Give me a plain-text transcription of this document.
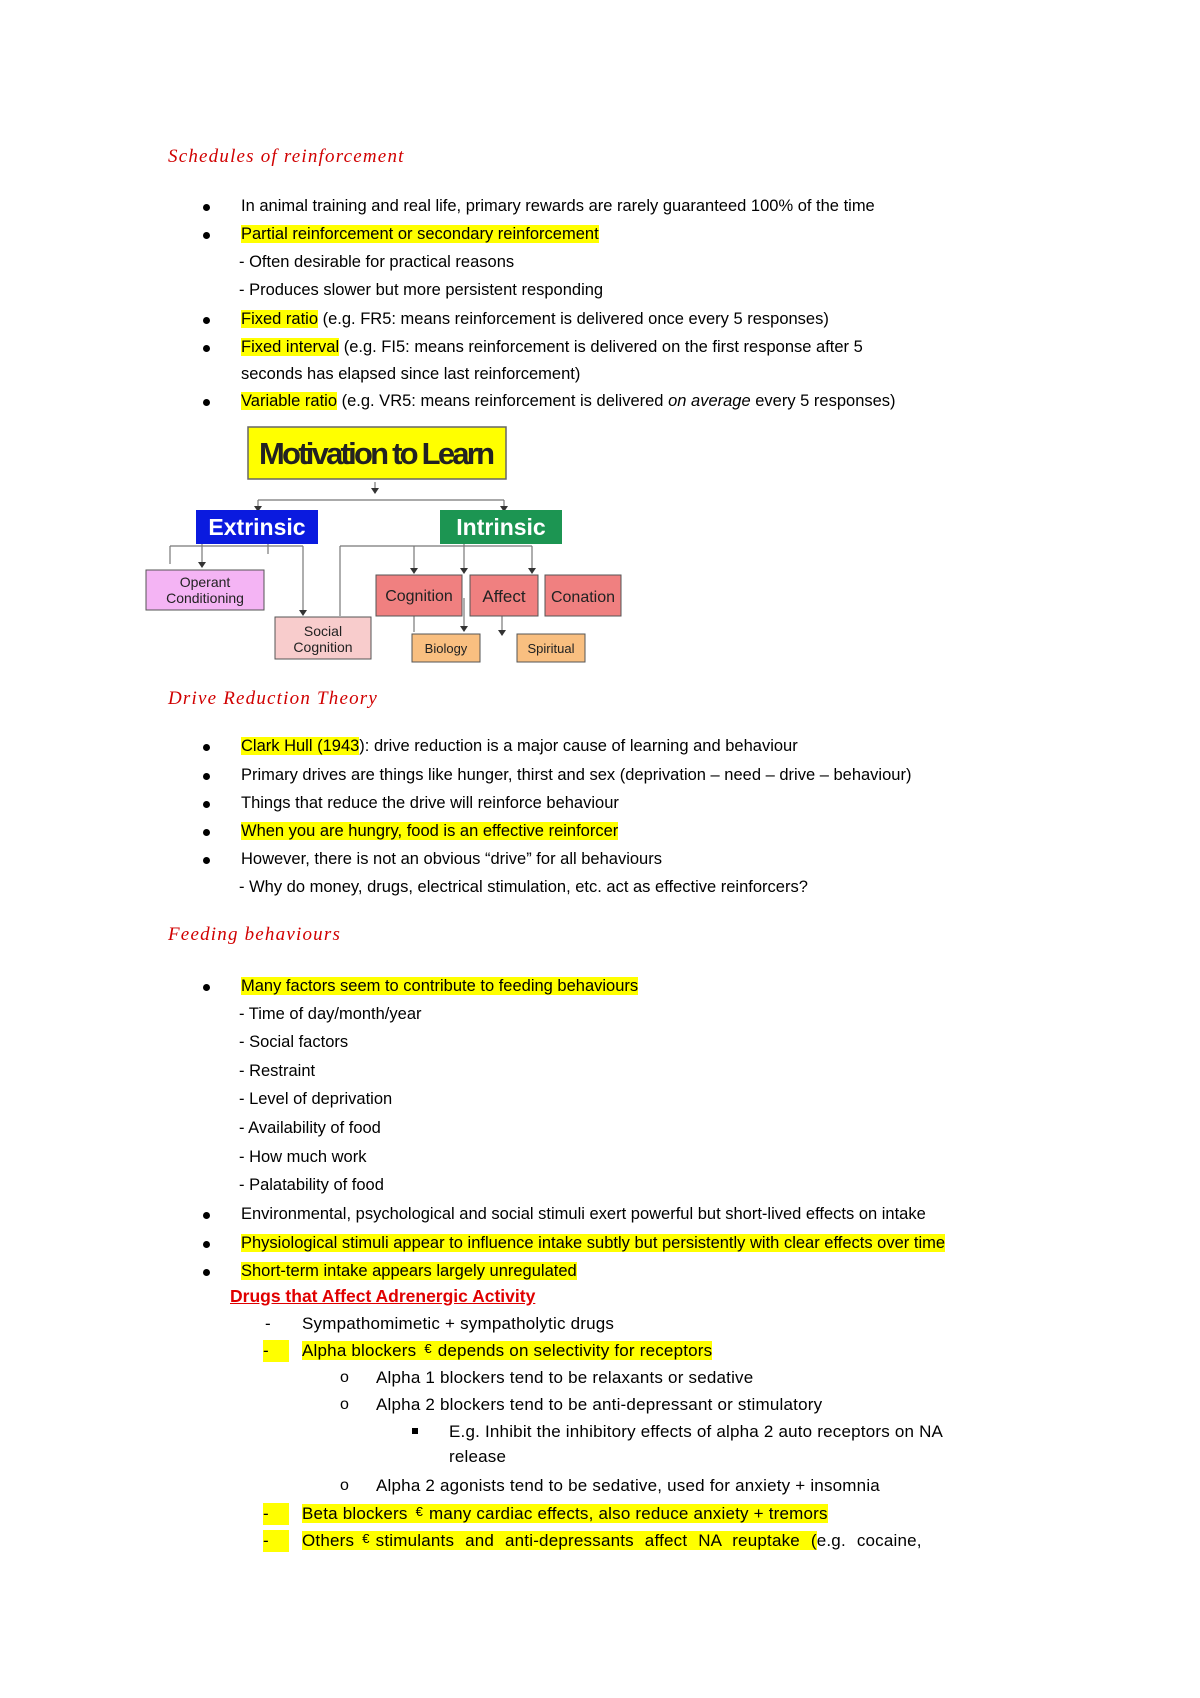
Schedules of reinforcement
In animal training and real life, primary rewards are rarely guaranteed 100% of the time
Partial reinforcement or secondary reinforcement
- Often desirable for practical reasons
- Produces slower but more persistent responding
Fixed ratio (e.g. FR5: means reinforcement is delivered once every 5 responses)
Fixed interval (e.g. FI5: means reinforcement is delivered on the first response after 5
seconds has elapsed since last reinforcement)
Variable ratio (e.g. VR5: means reinforcement is delivered on average every 5 responses)
Motivation to Learn
Extrinsic	Intrinsic
Operant
Conditioning
Social
Cognition
Cognition Affect Conation
Biology	Spiritual
Drive Reduction Theory
Clark Hull (1943): drive reduction is a major cause of learning and behaviour
Primary drives are things like hunger, thirst and sex (deprivation – need – drive – behaviour)
Things that reduce the drive will reinforce behaviour
When you are hungry, food is an effective reinforcer
However, there is not an obvious “drive” for all behaviours
- Why do money, drugs, electrical stimulation, etc. act as effective reinforcers?
Feeding behaviours
Many factors seem to contribute to feeding behaviours
- Time of day/month/year
- Social factors
- Restraint
- Level of deprivation
- Availability of food
- How much work
- Palatability of food
Environmental, psychological and social stimuli exert powerful but short-lived effects on intake
Physiological stimuli appear to influence intake subtly but persistently with clear effects over time
Short-term intake appears largely unregulated
Drugs that Affect Adrenergic Activity
- Sympathomimetic + sympatholytic drugs
-	Alpha blockers € depends on selectivity for receptors
o Alpha 1 blockers tend to be relaxants or sedative
o Alpha 2 blockers tend to be anti-depressant or stimulatory
E.g. Inhibit the inhibitory effects of alpha 2 auto receptors on NA
release
o Alpha 2 agonists tend to be sedative, used for anxiety + insomnia
-	Beta blockers € many cardiac effects, also reduce anxiety + tremors
-	Others € stimulants and anti-depressants affect NA reuptake (e.g. cocaine,
